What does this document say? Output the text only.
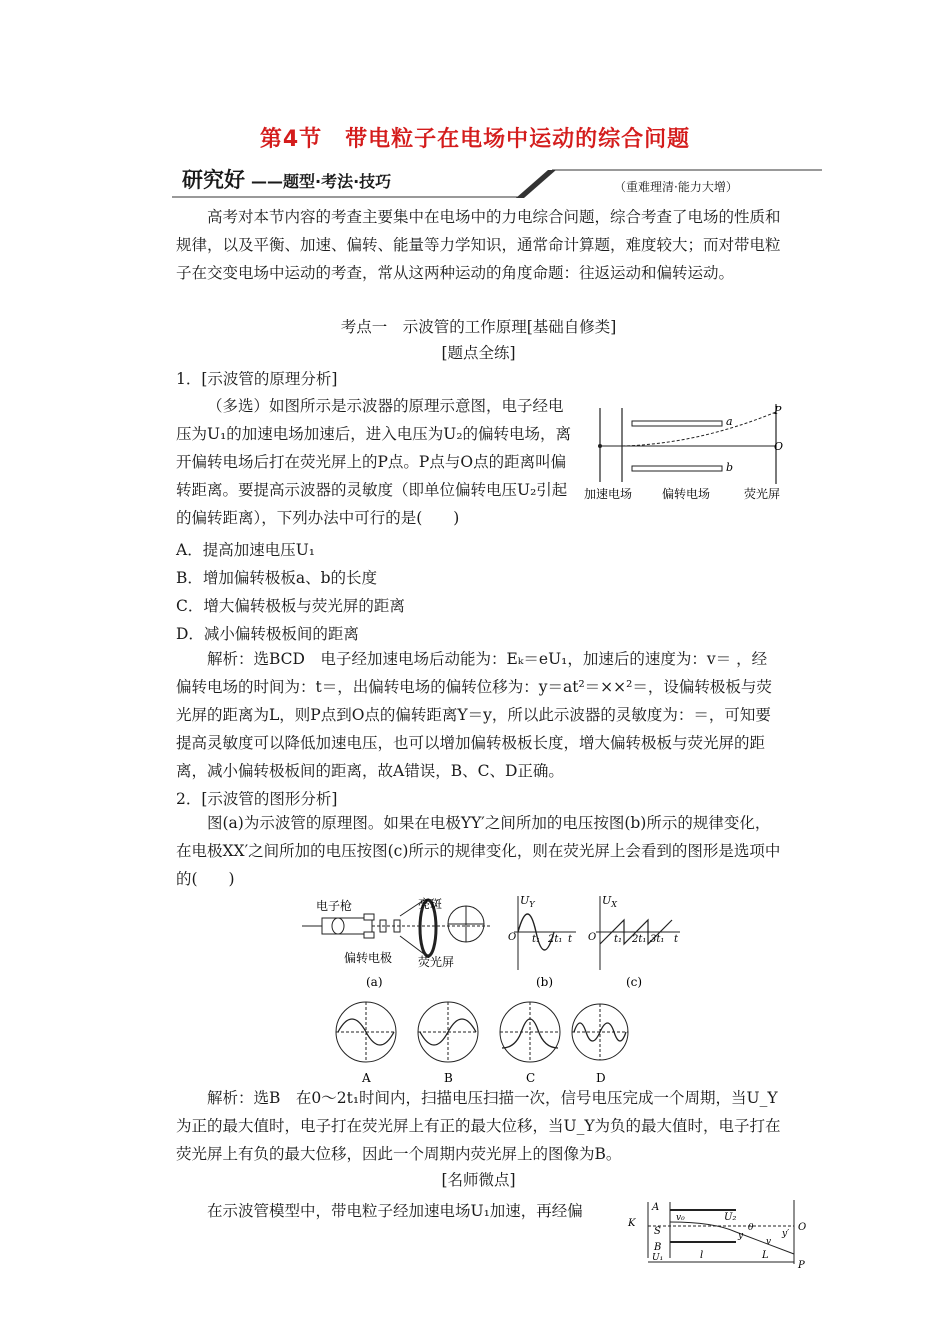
第4节　带电粒子在电场中运动的综合问题
研究好 ——题型·考法·技巧	（重难理清·能力大增）
高考对本节内容的考查主要集中在电场中的力电综合问题，综合考查了电场的性质和规律，以及平衡、加速、偏转、能量等力学知识，通常命计算题，难度较大；而对带电粒子在交变电场中运动的考查，常从这两种运动的角度命题：往返运动和偏转运动。
考点一　示波管的工作原理[基础自修类]
[题点全练]
1．[示波管的原理分析]
（多选）如图所示是示波器的原理示意图，电子经电压为U₁的加速电场加速后，进入电压为U₂的偏转电场，离开偏转电场后打在荧光屏上的P点。P点与O点的距离叫偏转距离。要提高示波器的灵敏度（即单位偏转电压U₂引起的偏转距离），下列办法中可行的是(　　)
a
b
P
O
加速电场 偏转电场	荧光屏
A．提高加速电压U₁
B．增加偏转极板a、b的长度
C．增大偏转极板与荧光屏的距离
D．减小偏转极板间的距离
解析：选BCD　电子经加速电场后动能为：Eₖ＝eU₁，加速后的速度为：v＝ ，经偏转电场的时间为：t＝，出偏转电场的偏转位移为：y＝at²＝××²＝，设偏转极板与荧光屏的距离为L，则P点到O点的偏转距离Y＝y，所以此示波器的灵敏度为：＝，可知要提高灵敏度可以降低加速电压，也可以增加偏转极板长度，增大偏转极板与荧光屏的距离，减小偏转极板间的距离，故A错误，B、C、D正确。
2．[示波管的图形分析]
图(a)为示波管的原理图。如果在电极YY′之间所加的电压按图(b)所示的规律变化，在电极XX′之间所加的电压按图(c)所示的规律变化，则在荧光屏上会看到的图形是选项中的(　　)
电子枪	亮斑
偏转电极 荧光屏
(a)
$U_Y$
O t₁ 2t₁ t
(b)
$U_X$
O t₁ 2t₁ 3t₁ t
(c)
A	B	C	D
解析：选B　在0～2t₁时间内，扫描电压扫描一次，信号电压完成一个周期，当U_Y为正的最大值时，电子打在荧光屏上有正的最大位移，当U_Y为负的最大值时，电子打在荧光屏上有负的最大位移，因此一个周期内荧光屏上的图像为B。
[名师微点]
在示波管模型中，带电粒子经加速电场U₁加速，再经偏	A
K
S
B
v₀	U₂
θ
y
v
y′
O
P
U₁	l	L
